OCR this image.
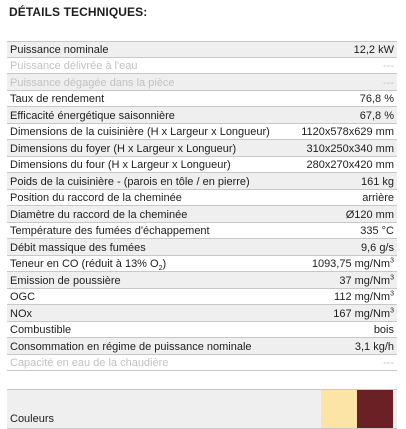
DÉTAILS TECHNIQUES:
Puissance nominale	12,2 kW
Puissance délivrée à l'eau	---
Puissance dégagée dans la pièce	---
Taux de rendement	76,8 %
Efficacité énergétique saisonnière	67,8 %
Dimensions de la cuisinière (H x Largeur x Longueur)	1120x578x629 mm
Dimensions du foyer (H x Largeur x Longueur)	310x250x340 mm
Dimensions du four (H x Largeur x Longueur)	280x270x420 mm
Poids de la cuisinière - (parois en tôle / en pierre)	161 kg
Position du raccord de la cheminée	arrière
Diamètre du raccord de la cheminée	Ø120 mm
Température des fumées d'échappement	335 °C
Débit massique des fumées	9,6 g/s
Teneur en CO (réduit à 13% $O_2$)	1093,75 mg/Nm$^3$
Emission de poussière	37 mg/Nm$^3$
OGC	112 mg/Nm$^3$
NOx	167 mg/Nm$^3$
Combustible	bois
Consommation en régime de puissance nominale	3,1 kg/h
Capacité en eau de la chaudière	---
Couleurs
